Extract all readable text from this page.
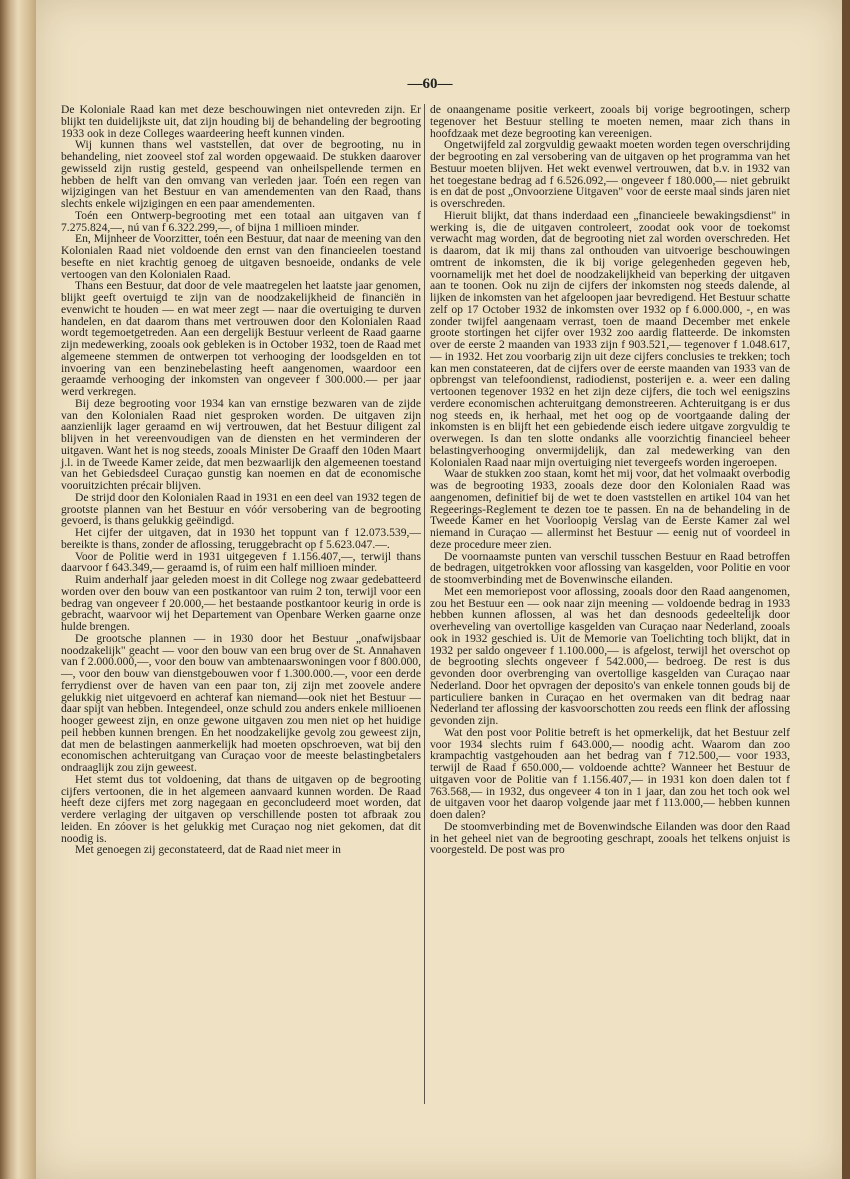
—60—

De Koloniale Raad kan met deze beschouwingen niet ontevreden zijn. Er blijkt ten duidelijkste uit, dat zijn houding bij de behandeling der begrooting 1933 ook in deze Colleges waardeering heeft kunnen vinden.

Wij kunnen thans wel vaststellen, dat over de begrooting, nu in behandeling, niet zooveel stof zal worden opgewaaid. De stukken daarover gewisseld zijn rustig gesteld, gespeend van onheilspellende termen en hebben de helft van den omvang van verleden jaar. Toén een regen van wijzigingen van het Bestuur en van amendementen van den Raad, thans slechts enkele wijzigingen en een paar amendementen.

Toén een Ontwerp-begrooting met een totaal aan uitgaven van f 7.275.824,—, nú van f 6.322.299,—, of bijna 1 millioen minder.

En, Mijnheer de Voorzitter, toén een Bestuur, dat naar de meening van den Kolonialen Raad niet voldoende den ernst van den financieelen toestand besefte en niet krachtig genoeg de uitgaven besnoeide, ondanks de vele vertoogen van den Kolonialen Raad.

Thans een Bestuur, dat door de vele maatregelen het laatste jaar genomen, blijkt geeft overtuigd te zijn van de noodzakelijkheid de financiën in evenwicht te houden — en wat meer zegt — naar die overtuiging te durven handelen, en dat daarom thans met vertrouwen door den Kolonialen Raad wordt tegemoetgetreden. Aan een dergelijk Bestuur verleent de Raad gaarne zijn medewerking, zooals ook gebleken is in October 1932, toen de Raad met algemeene stemmen de ontwerpen tot verhooging der loodsgelden en tot invoering van een benzinebelasting heeft aangenomen, waardoor een geraamde verhooging der inkomsten van ongeveer f 300.000.— per jaar werd verkregen.

Bij deze begrooting voor 1934 kan van ernstige bezwaren van de zijde van den Kolonialen Raad niet gesproken worden. De uitgaven zijn aanzienlijk lager geraamd en wij vertrouwen, dat het Bestuur diligent zal blijven in het vereenvoudigen van de diensten en het verminderen der uitgaven. Want het is nog steeds, zooals Minister De Graaff den 10den Maart j.l. in de Tweede Kamer zeide, dat men bezwaarlijk den algemeenen toestand van het Gebiedsdeel Curaçao gunstig kan noemen en dat de economische vooruitzichten précair blijven.

De strijd door den Kolonialen Raad in 1931 en een deel van 1932 tegen de grootste plannen van het Bestuur en vóór versobering van de begrooting gevoerd, is thans gelukkig geëindigd.

Het cijfer der uitgaven, dat in 1930 het toppunt van f 12.073.539,— bereikte is thans, zonder de aflossing, teruggebracht op f 5.623.047.—.

Voor de Politie werd in 1931 uitgegeven f 1.156.407,—, terwijl thans daarvoor f 643.349,— geraamd is, of ruim een half millioen minder.

Ruim anderhalf jaar geleden moest in dit College nog zwaar gedebatteerd worden over den bouw van een postkantoor van ruim 2 ton, terwijl voor een bedrag van ongeveer f 20.000,— het bestaande postkantoor keurig in orde is gebracht, waarvoor wij het Departement van Openbare Werken gaarne onze hulde brengen.

De grootsche plannen — in 1930 door het Bestuur „onafwijsbaar noodzakelijk" geacht — voor den bouw van een brug over de St. Annahaven van f 2.000.000,—, voor den bouw van ambtenaarswoningen voor f 800.000,—, voor den bouw van dienstgebouwen voor f 1.300.000.—, voor een derde ferrydienst over de haven van een paar ton, zij zijn met zoovele andere gelukkig niet uitgevoerd en achteraf kan niemand—ook niet het Bestuur — daar spijt van hebben. Integendeel, onze schuld zou anders enkele millioenen hooger geweest zijn, en onze gewone uitgaven zou men niet op het huidige peil hebben kunnen brengen. En het noodzakelijke gevolg zou geweest zijn, dat men de belastingen aanmerkelijk had moeten opschroeven, wat bij den economischen achteruitgang van Curaçao voor de meeste belastingbetalers ondraaglijk zou zijn geweest.

Het stemt dus tot voldoening, dat thans de uitgaven op de begrooting cijfers vertoonen, die in het algemeen aanvaard kunnen worden. De Raad heeft deze cijfers met zorg nagegaan en geconcludeerd moet worden, dat verdere verlaging der uitgaven op verschillende posten tot afbraak zou leiden. En zóover is het gelukkig met Curaçao nog niet gekomen, dat dit noodig is.

Met genoegen zij geconstateerd, dat de Raad niet meer in

de onaangename positie verkeert, zooals bij vorige begrootingen, scherp tegenover het Bestuur stelling te moeten nemen, maar zich thans in hoofdzaak met deze begrooting kan vereenigen.

Ongetwijfeld zal zorgvuldig gewaakt moeten worden tegen overschrijding der begrooting en zal versobering van de uitgaven op het programma van het Bestuur moeten blijven. Het wekt evenwel vertrouwen, dat b.v. in 1932 van het toegestane bedrag ad f 6.526.092,— ongeveer f 180.000,— niet gebruikt is en dat de post „Onvoorziene Uitgaven" voor de eerste maal sinds jaren niet is overschreden.

Hieruit blijkt, dat thans inderdaad een „financieele bewakingsdienst" in werking is, die de uitgaven controleert, zoodat ook voor de toekomst verwacht mag worden, dat de begrooting niet zal worden overschreden. Het is daarom, dat ik mij thans zal onthouden van uitvoerige beschouwingen omtrent de inkomsten, die ik bij vorige gelegenheden gegeven heb, voornamelijk met het doel de noodzakelijkheid van beperking der uitgaven aan te toonen. Ook nu zijn de cijfers der inkomsten nog steeds dalende, al lijken de inkomsten van het afgeloopen jaar bevredigend. Het Bestuur schatte zelf op 17 October 1932 de inkomsten over 1932 op f 6.000.000, -, en was zonder twijfel aangenaam verrast, toen de maand December met enkele groote stortingen het cijfer over 1932 zoo aardig flatteerde. De inkomsten over de eerste 2 maanden van 1933 zijn f 903.521,— tegenover f 1.048.617,— in 1932. Het zou voorbarig zijn uit deze cijfers conclusies te trekken; toch kan men constateeren, dat de cijfers over de eerste maanden van 1933 van de opbrengst van telefoondienst, radiodienst, posterijen e. a. weer een daling vertoonen tegenover 1932 en het zijn deze cijfers, die toch wel eenigszins verdere economischen achteruitgang demonstreeren. Achteruitgang is er dus nog steeds en, ik herhaal, met het oog op de voortgaande daling der inkomsten is en blijft het een gebiedende eisch iedere uitgave zorgvuldig te overwegen. Is dan ten slotte ondanks alle voorzichtig financieel beheer belastingverhooging onvermijdelijk, dan zal medewerking van den Kolonialen Raad naar mijn overtuiging niet tevergeefs worden ingeroepen.

Waar de stukken zoo staan, komt het mij voor, dat het volmaakt overbodig was de begrooting 1933, zooals deze door den Kolonialen Raad was aangenomen, definitief bij de wet te doen vaststellen en artikel 104 van het Regeerings-Reglement te dezen toe te passen. En na de behandeling in de Tweede Kamer en het Voorloopig Verslag van de Eerste Kamer zal wel niemand in Curaçao — allerminst het Bestuur — eenig nut of voordeel in deze procedure meer zien.

De voornaamste punten van verschil tusschen Bestuur en Raad betroffen de bedragen, uitgetrokken voor aflossing van kasgelden, voor Politie en voor de stoomverbinding met de Bovenwinsche eilanden.

Met een memoriepost voor aflossing, zooals door den Raad aangenomen, zou het Bestuur een — ook naar zijn meening — voldoende bedrag in 1933 hebben kunnen aflossen, al was het dan desnoods gedeeltelijk door overheveling van overtollige kasgelden van Curaçao naar Nederland, zooals ook in 1932 geschied is. Uit de Memorie van Toelichting toch blijkt, dat in 1932 per saldo ongeveer f 1.100.000,— is afgelost, terwijl het overschot op de begrooting slechts ongeveer f 542.000,— bedroeg. De rest is dus gevonden door overbrenging van overtollige kasgelden van Curaçao naar Nederland. Door het opvragen der deposito's van enkele tonnen gouds bij de particuliere banken in Curaçao en het overmaken van dit bedrag naar Nederland ter aflossing der kasvoorschotten zou reeds een flink der aflossing gevonden zijn.

Wat den post voor Politie betreft is het opmerkelijk, dat het Bestuur zelf voor 1934 slechts ruim f 643.000,— noodig acht. Waarom dan zoo krampachtig vastgehouden aan het bedrag van f 712.500,— voor 1933, terwijl de Raad f 650.000,— voldoende achtte? Wanneer het Bestuur de uitgaven voor de Politie van f 1.156.407,— in 1931 kon doen dalen tot f 763.568,— in 1932, dus ongeveer 4 ton in 1 jaar, dan zou het toch ook wel de uitgaven voor het daarop volgende jaar met f 113.000,— hebben kunnen doen dalen?

De stoomverbinding met de Bovenwindsche Eilanden was door den Raad in het geheel niet van de begrooting geschrapt, zooals het telkens onjuist is voorgesteld. De post was pro
